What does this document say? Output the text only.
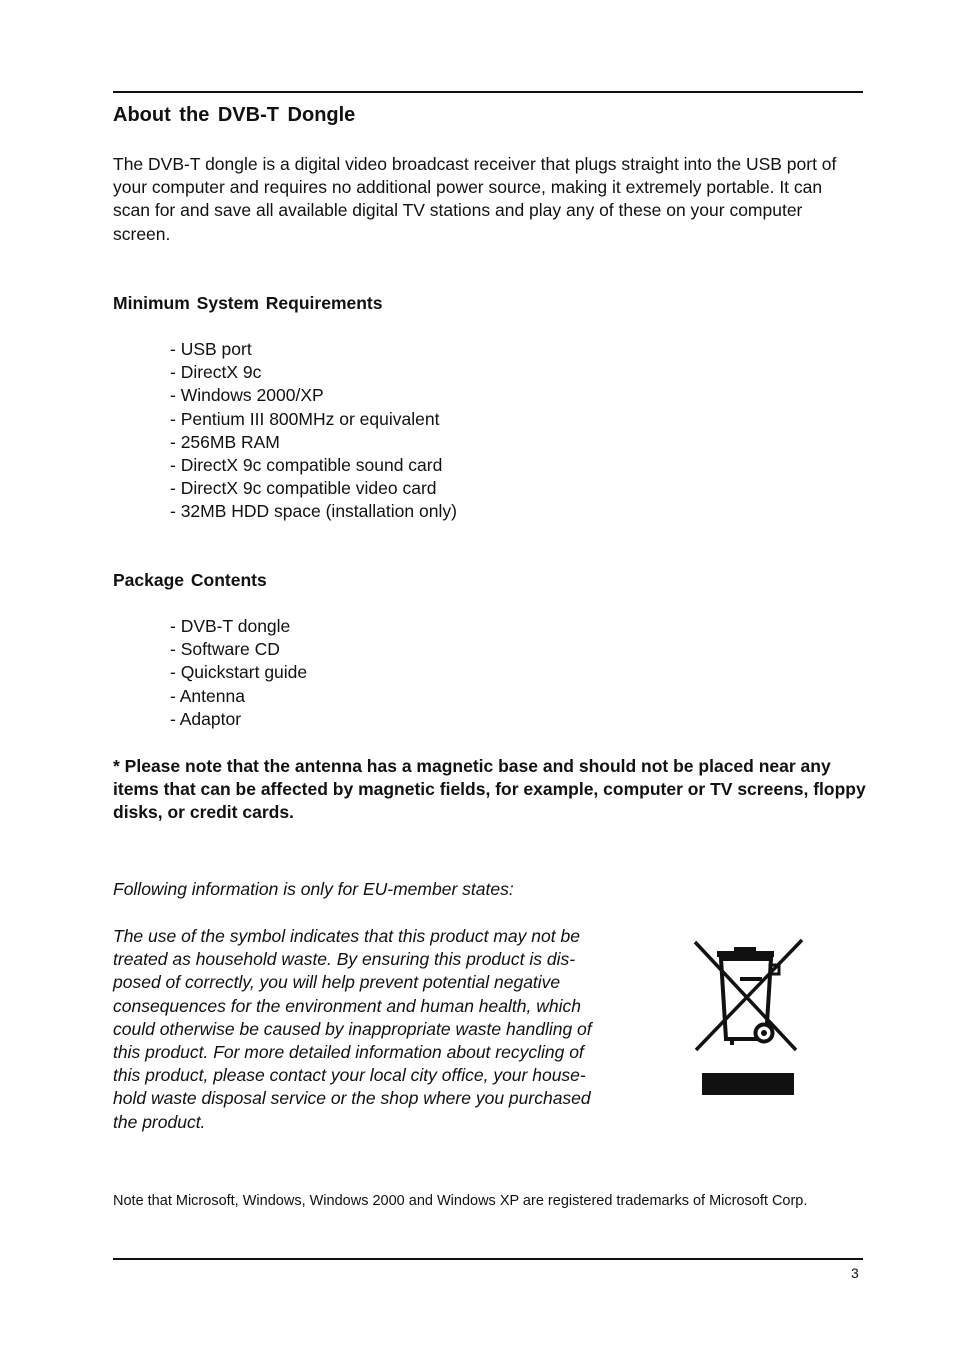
About the DVB-T Dongle

The DVB-T dongle is a digital video broadcast receiver that plugs straight into the USB port of your computer and requires no additional power source, making it extremely portable. It can scan for and save all available digital TV stations and play any of these on your computer screen.

Minimum System Requirements
- USB port
- DirectX 9c
- Windows 2000/XP
- Pentium III 800MHz or equivalent
- 256MB RAM
- DirectX 9c compatible sound card
- DirectX 9c compatible video card
- 32MB HDD space (installation only)
Package Contents
- DVB-T dongle
- Software CD
- Quickstart guide
- Antenna
- Adaptor

* Please note that the antenna has a magnetic base and should not be placed near any items that can be affected by magnetic fields, for example, computer or TV screens, floppy disks, or credit cards.

Following information is only for EU-member states:

The use of the symbol indicates that this product may not be
treated as household waste. By ensuring this product is dis-
posed of correctly, you will help prevent potential negative
consequences for the environment and human health, which
could otherwise be caused by inappropriate waste handling of
this product. For more detailed information about recycling of
this product, please contact your local city office, your house-
hold waste disposal service or the shop where you purchased
the product.

Note that Microsoft, Windows, Windows 2000 and Windows XP are registered trademarks of Microsoft Corp.

3
